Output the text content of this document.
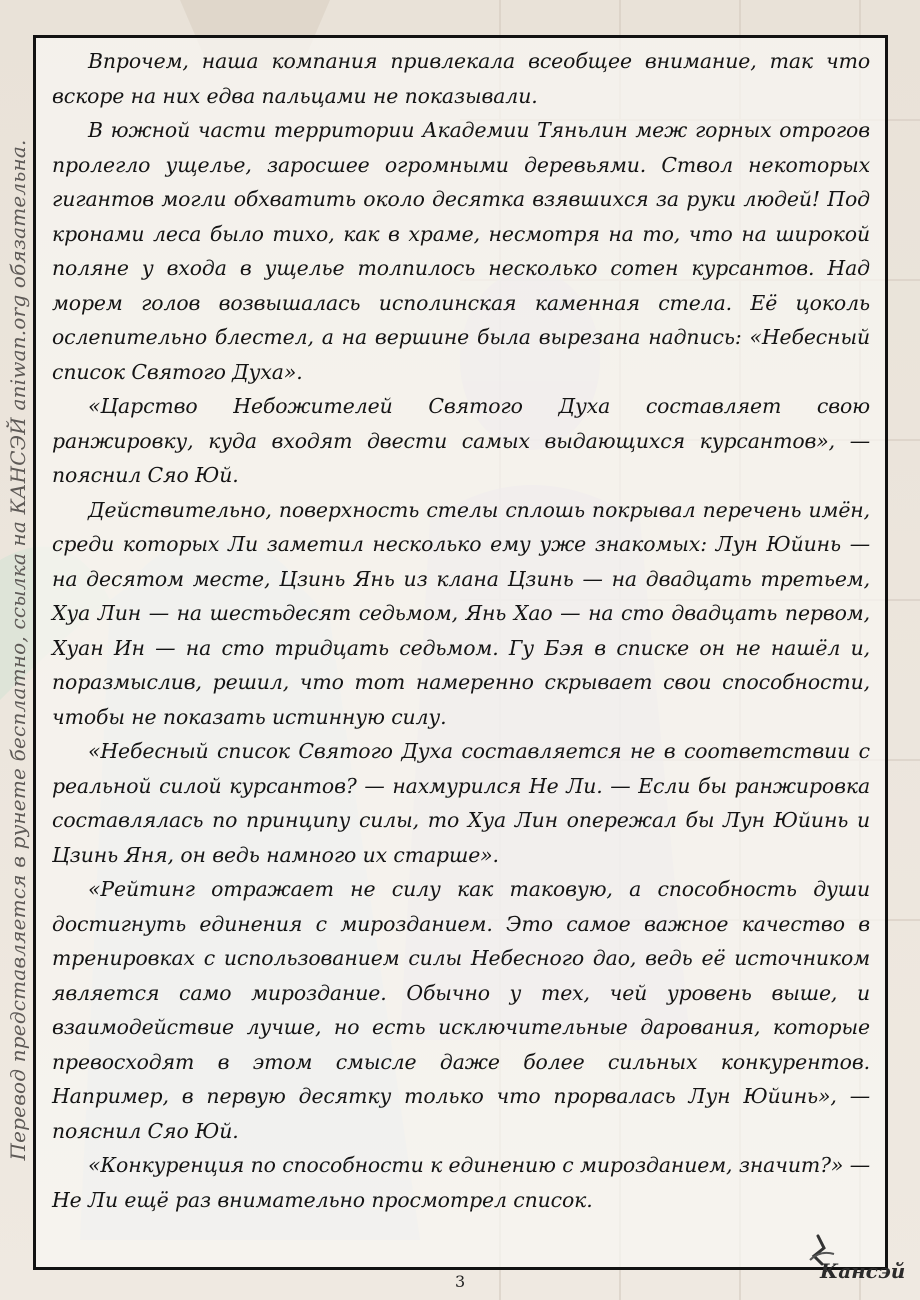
Перевод представляется в рунете бесплатно, ссылка на КАНСЭЙ aniwan.org обязательна.

Впрочем, наша компания привлекала всеобщее внимание, так что вскоре на них едва пальцами не показывали.

В южной части территории Академии Тяньлин меж горных отрогов пролегло ущелье, заросшее огромными деревьями. Ствол некоторых гигантов могли обхватить около десятка взявшихся за руки людей! Под кронами леса было тихо, как в храме, несмотря на то, что на широкой поляне у входа в ущелье толпилось несколько сотен курсантов. Над морем голов возвышалась исполинская каменная стела. Её цоколь ослепительно блестел, а на вершине была вырезана надпись: «Небесный список Святого Духа».

«Царство Небожителей Святого Духа составляет свою ранжировку, куда входят двести самых выдающихся курсантов», — пояснил Сяо Юй.

Действительно, поверхность стелы сплошь покрывал перечень имён, среди которых Ли заметил несколько ему уже знакомых: Лун Юйинь — на десятом месте, Цзинь Янь из клана Цзинь — на двадцать третьем, Хуа Лин — на шестьдесят седьмом, Янь Хао — на сто двадцать первом, Хуан Ин — на сто тридцать седьмом. Гу Бэя в списке он не нашёл и, поразмыслив, решил, что тот намеренно скрывает свои способности, чтобы не показать истинную силу.

«Небесный список Святого Духа составляется не в соответствии с реальной силой курсантов? — нахмурился Не Ли. — Если бы ранжировка составлялась по принципу силы, то Хуа Лин опережал бы Лун Юйинь и Цзинь Яня, он ведь намного их старше».

«Рейтинг отражает не силу как таковую, а способность души достигнуть единения с мирозданием. Это самое важное качество в тренировках с использованием силы Небесного дао, ведь её источником является само мироздание. Обычно у тех, чей уровень выше, и взаимодействие лучше, но есть исключительные дарования, которые превосходят в этом смысле даже более сильных конкурентов. Например, в первую десятку только что прорвалась Лун Юйинь», — пояснил Сяо Юй.

«Конкуренция по способности к единению с мирозданием, значит?» — Не Ли ещё раз внимательно просмотрел список.

3	Кансэй
